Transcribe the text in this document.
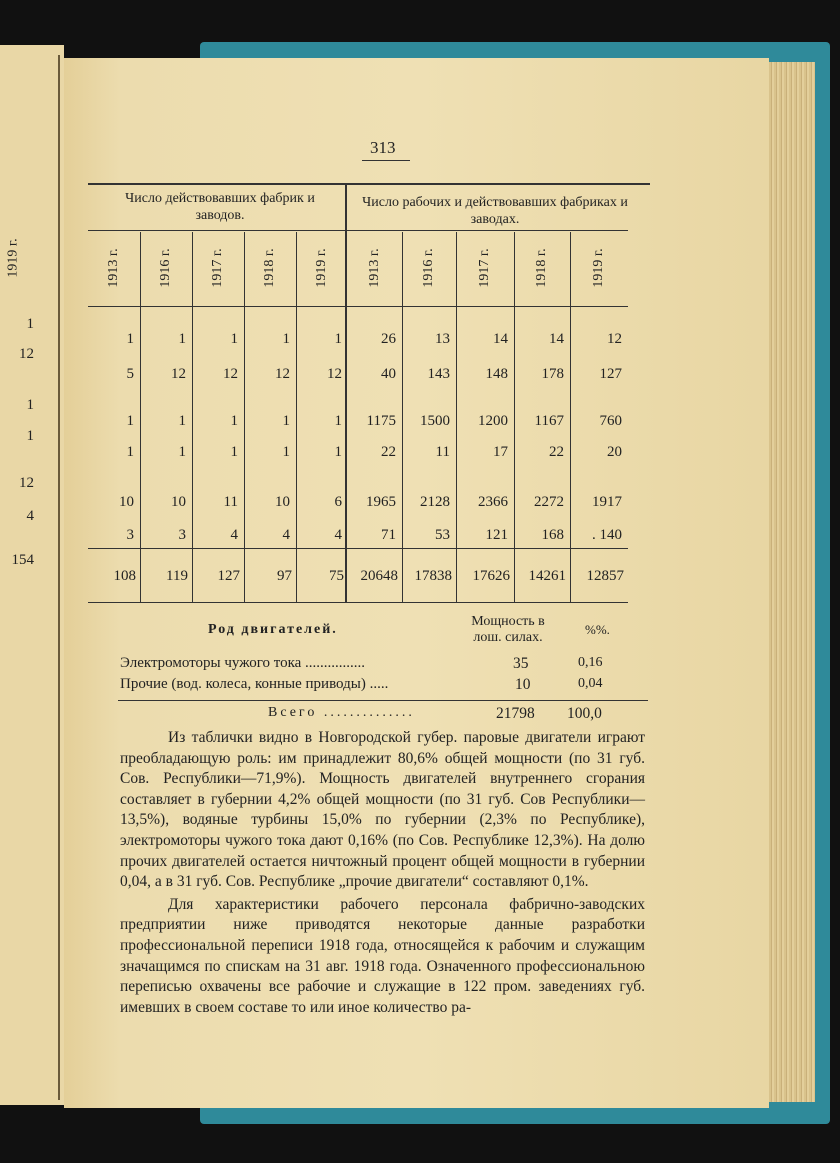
1919 г.
1
12
1
1
12
4
154
313
Число действовавших фабрик и заводов.
Число рабочих и действовавших фабриках и заводах.
1913 г.	1916 г.	1917 г.	1918 г.	1919 г.	1913 г.	1916 г.	1917 г.	1918 г.	1919 г.
1	1	1	1	1	26	13	14	14	12
5	12	12	12	12	40	143	148	178	127
1	1	1	1	1	1175	1500	1200	1167	760
1	1	1	1	1	22	11	17	22	20
10	10	11	10	6	1965	2128	2366	2272	1917
3	3	4	4	4	71	53	121	168	. 140
108	119	127	97	75	20648	17838	17626	14261	12857
Род двигателей.
Мощность в лош. силах.
%%.
Электромоторы чужого тока ................	35	0,16
Прочие (вод. колеса, конные приводы) .....	10	0,04
Всего ..............	21798 100,0

Из таблички видно в Новгородской губер. паровые двигатели играют преобладающую роль: им принадлежит 80,6% общей мощности (по 31 губ. Сов. Республики—71,9%). Мощность двигателей внутреннего сгорания составляет в губернии 4,2% общей мощности (по 31 губ. Сов Республики—13,5%), водяные турбины 15,0% по губернии (2,3% по Республике), электромоторы чужого тока дают 0,16% (по Сов. Республике 12,3%). На долю прочих двигателей остается ничтожный процент общей мощности в губернии 0,04, а в 31 губ. Сов. Республике „прочие двигатели“ составляют 0,1%.

Для характеристики рабочего персонала фабрично-заводских предприятии ниже приводятся некоторые данные разработки профессиональной переписи 1918 года, относящейся к рабочим и служащим значащимся по спискам на 31 авг. 1918 года. Означенного профессиональною переписью охвачены все рабочие и служащие в 122 пром. заведениях губ. имевших в своем составе то или иное количество ра-
